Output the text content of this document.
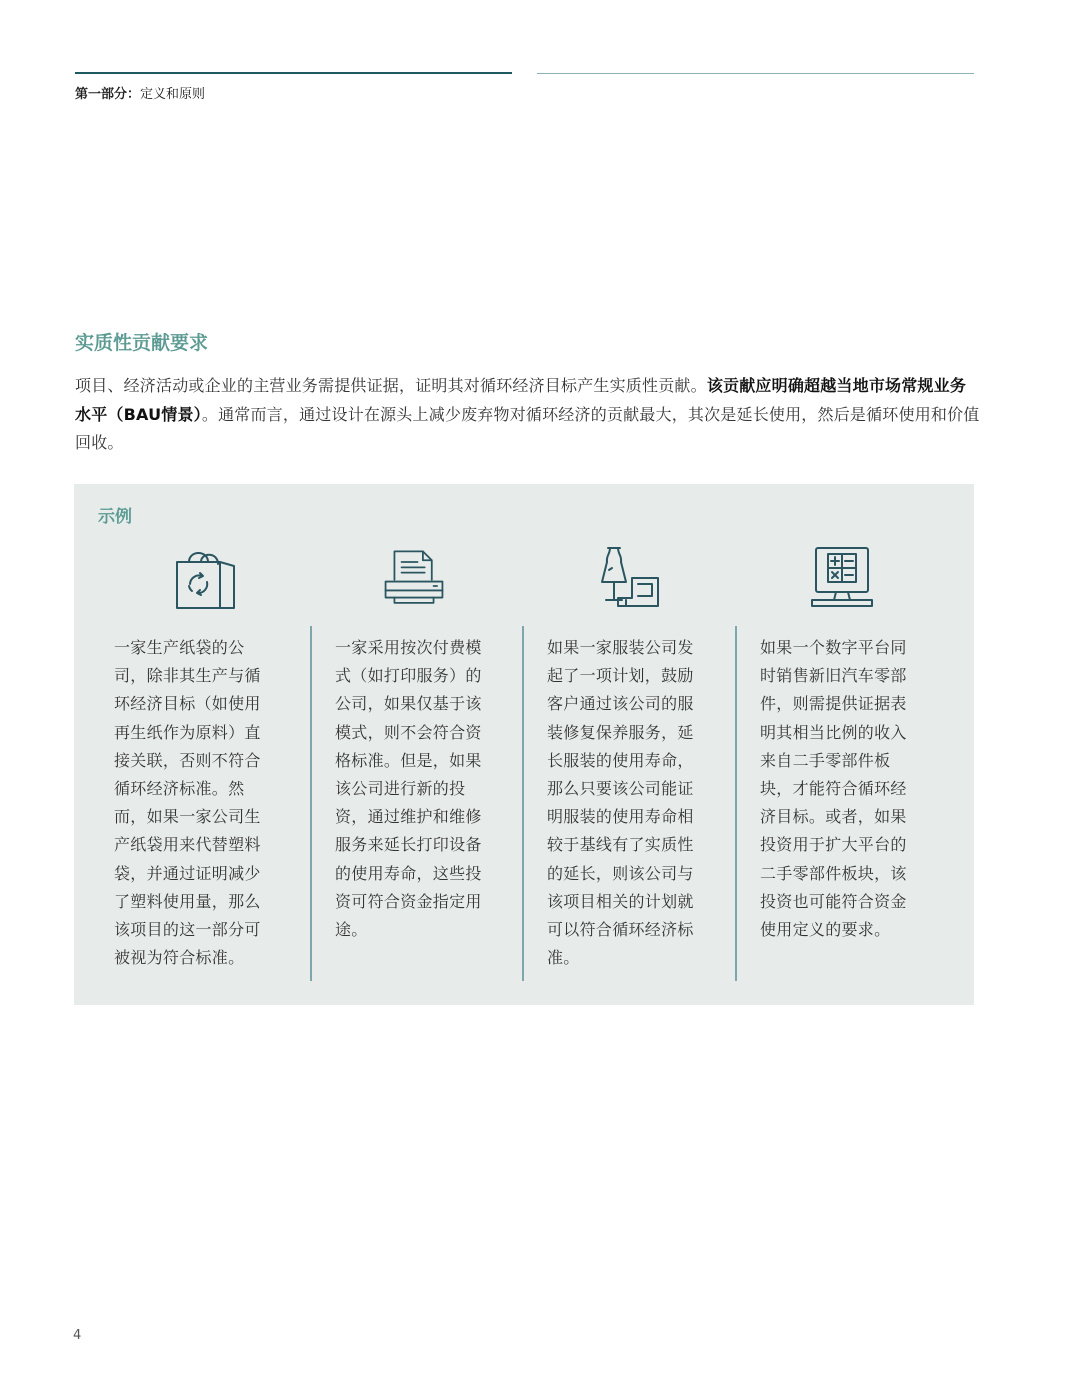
第一部分：定义和原则
实质性贡献要求
项目、经济活动或企业的主营业务需提供证据，证明其对循环经济目标产生实质性贡献。该贡献应明确超越当地市场常规业务水平（BAU情景）。通常而言，通过设计在源头上减少废弃物对循环经济的贡献最大，其次是延长使用，然后是循环使用和价值回收。
示例
一家生产纸袋的公司，除非其生产与循环经济目标（如使用再生纸作为原料）直接关联，否则不符合循环经济标准。然而，如果一家公司生产纸袋用来代替塑料袋，并通过证明减少了塑料使用量，那么该项目的这一部分可被视为符合标准。
一家采用按次付费模式（如打印服务）的公司，如果仅基于该模式，则不会符合资格标准。但是，如果该公司进行新的投资，通过维护和维修服务来延长打印设备的使用寿命，这些投资可符合资金指定用途。
如果一家服装公司发起了一项计划，鼓励客户通过该公司的服装修复保养服务，延长服装的使用寿命，那么只要该公司能证明服装的使用寿命相较于基线有了实质性的延长，则该公司与该项目相关的计划就可以符合循环经济标准。
如果一个数字平台同时销售新旧汽车零部件，则需提供证据表明其相当比例的收入来自二手零部件板块，才能符合循环经济目标。或者，如果投资用于扩大平台的二手零部件板块，该投资也可能符合资金使用定义的要求。
4
